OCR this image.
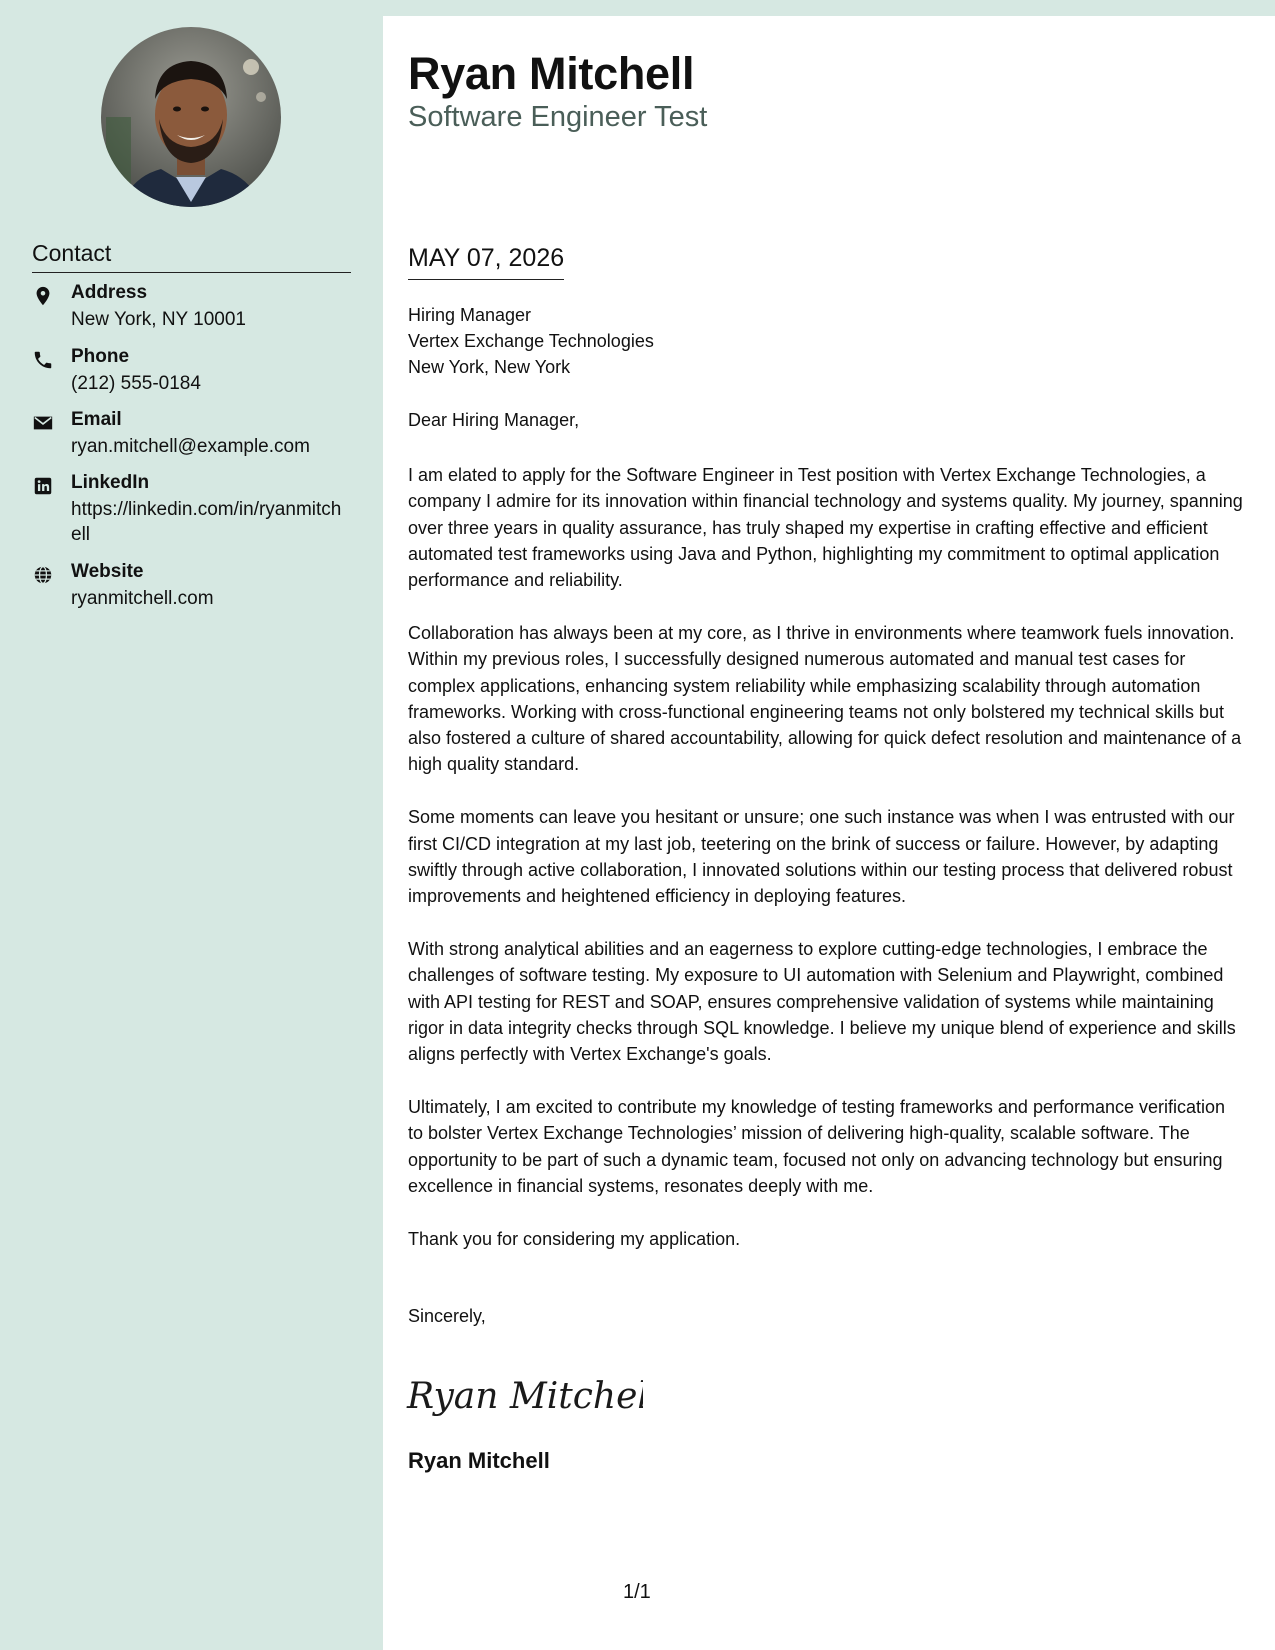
Contact
Address
New York, NY 10001
Phone
(212) 555-0184
Email
ryan.mitchell@example.com
LinkedIn
https://linkedin.com/in/ryanmitchell
Website
ryanmitchell.com
Ryan Mitchell
Software Engineer Test
MAY 07, 2026
Hiring Manager
Vertex Exchange Technologies
New York, New York
Dear Hiring Manager,

I am elated to apply for the Software Engineer in Test position with Vertex Exchange Technologies, a company I admire for its innovation within financial technology and systems quality. My journey, spanning over three years in quality assurance, has truly shaped my expertise in crafting effective and efficient automated test frameworks using Java and Python, highlighting my commitment to optimal application performance and reliability.

Collaboration has always been at my core, as I thrive in environments where teamwork fuels innovation. Within my previous roles, I successfully designed numerous automated and manual test cases for complex applications, enhancing system reliability while emphasizing scalability through automation frameworks. Working with cross-functional engineering teams not only bolstered my technical skills but also fostered a culture of shared accountability, allowing for quick defect resolution and maintenance of a high quality standard.

Some moments can leave you hesitant or unsure; one such instance was when I was entrusted with our first CI/CD integration at my last job, teetering on the brink of success or failure. However, by adapting swiftly through active collaboration, I innovated solutions within our testing process that delivered robust improvements and heightened efficiency in deploying features.

With strong analytical abilities and an eagerness to explore cutting-edge technologies, I embrace the challenges of software testing. My exposure to UI automation with Selenium and Playwright, combined with API testing for REST and SOAP, ensures comprehensive validation of systems while maintaining rigor in data integrity checks through SQL knowledge. I believe my unique blend of experience and skills aligns perfectly with Vertex Exchange's goals.

Ultimately, I am excited to contribute my knowledge of testing frameworks and performance verification to bolster Vertex Exchange Technologies’ mission of delivering high-quality, scalable software. The opportunity to be part of such a dynamic team, focused not only on advancing technology but ensuring excellence in financial systems, resonates deeply with me.

Thank you for considering my application.

Sincerely,
Ryan Mitchell
Ryan Mitchell
1/1
